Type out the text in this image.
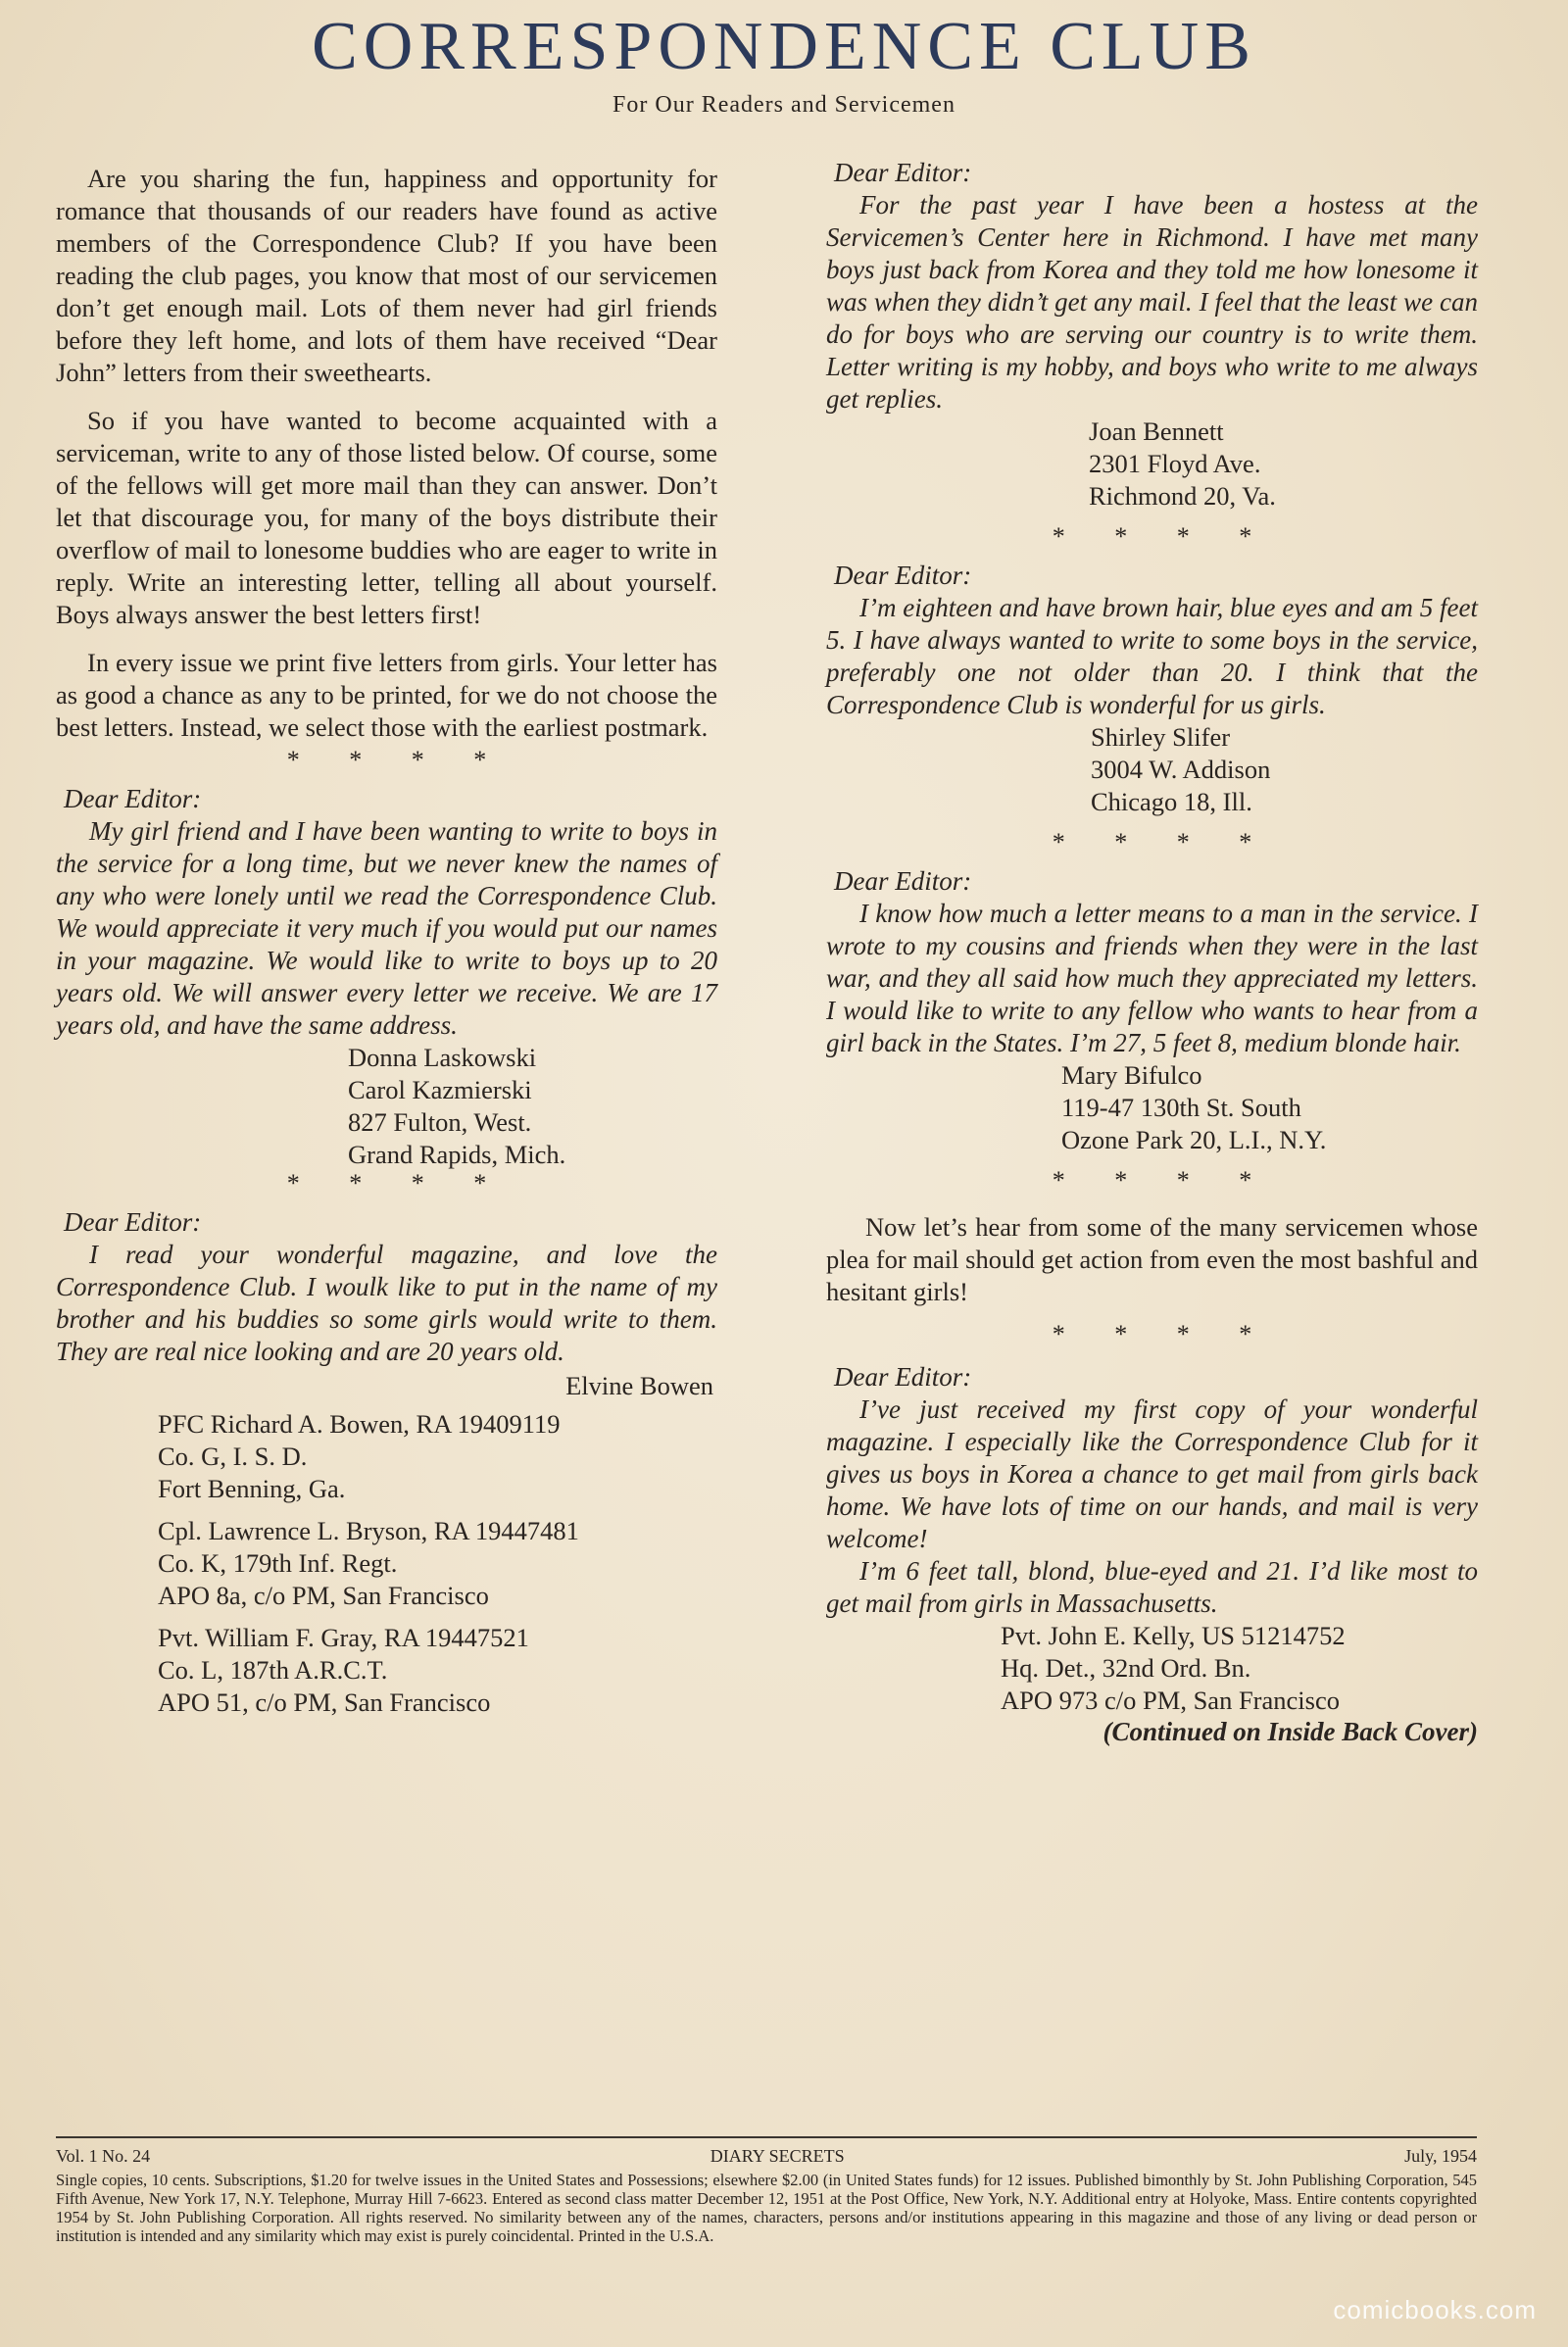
CORRESPONDENCE CLUB
For Our Readers and Servicemen

Are you sharing the fun, happiness and opportunity for romance that thousands of our readers have found as active members of the Correspondence Club? If you have been reading the club pages, you know that most of our servicemen don’t get enough mail. Lots of them never had girl friends before they left home, and lots of them have received “Dear John” letters from their sweethearts.

So if you have wanted to become acquainted with a serviceman, write to any of those listed below. Of course, some of the fellows will get more mail than they can answer. Don’t let that discourage you, for many of the boys distribute their overflow of mail to lonesome buddies who are eager to write in reply. Write an interesting letter, telling all about yourself. Boys always answer the best letters first!

In every issue we print five letters from girls. Your letter has as good a chance as any to be printed, for we do not choose the best letters. Instead, we select those with the earliest postmark.

* * * *

Dear Editor:

My girl friend and I have been wanting to write to boys in the service for a long time, but we never knew the names of any who were lonely until we read the Correspondence Club. We would appreciate it very much if you would put our names in your magazine. We would like to write to boys up to 20 years old. We will answer every letter we receive. We are 17 years old, and have the same address.

Donna Laskowski
Carol Kazmierski
827 Fulton, West.
Grand Rapids, Mich.
* * * *

Dear Editor:

I read your wonderful magazine, and love the Correspondence Club. I woulk like to put in the name of my brother and his buddies so some girls would write to them. They are real nice looking and are 20 years old.

Elvine Bowen

PFC Richard A. Bowen, RA 19409119
Co. G, I. S. D.
Fort Benning, Ga.
Cpl. Lawrence L. Bryson, RA 19447481
Co. K, 179th Inf. Regt.
APO 8a, c/o PM, San Francisco
Pvt. William F. Gray, RA 19447521
Co. L, 187th A.R.C.T.
APO 51, c/o PM, San Francisco

Dear Editor:

For the past year I have been a hostess at the Servicemen’s Center here in Richmond. I have met many boys just back from Korea and they told me how lonesome it was when they didn’t get any mail. I feel that the least we can do for boys who are serving our country is to write them. Letter writing is my hobby, and boys who write to me always get replies.

Joan Bennett
2301 Floyd Ave.
Richmond 20, Va.
* * * *

Dear Editor:

I’m eighteen and have brown hair, blue eyes and am 5 feet 5. I have always wanted to write to some boys in the service, preferably one not older than 20. I think that the Correspondence Club is wonderful for us girls.

Shirley Slifer
3004 W. Addison
Chicago 18, Ill.
* * * *

Dear Editor:

I know how much a letter means to a man in the service. I wrote to my cousins and friends when they were in the last war, and they all said how much they appreciated my letters. I would like to write to any fellow who wants to hear from a girl back in the States. I’m 27, 5 feet 8, medium blonde hair.

Mary Bifulco
119-47 130th St. South
Ozone Park 20, L.I., N.Y.
* * * *

Now let’s hear from some of the many servicemen whose plea for mail should get action from even the most bashful and hesitant girls!

* * * *

Dear Editor:

I’ve just received my first copy of your wonderful magazine. I especially like the Correspondence Club for it gives us boys in Korea a chance to get mail from girls back home. We have lots of time on our hands, and mail is very welcome!

I’m 6 feet tall, blond, blue-eyed and 21. I’d like most to get mail from girls in Massachusetts.

Pvt. John E. Kelly, US 51214752
Hq. Det., 32nd Ord. Bn.
APO 973 c/o PM, San Francisco

(Continued on Inside Back Cover)

Vol. 1 No. 24	DIARY SECRETS	July, 1954
Single copies, 10 cents. Subscriptions, $1.20 for twelve issues in the United States and Possessions; elsewhere $2.00 (in United States funds) for 12 issues. Published bimonthly by St. John Publishing Corporation, 545 Fifth Avenue, New York 17, N.Y. Telephone, Murray Hill 7-6623. Entered as second class matter December 12, 1951 at the Post Office, New York, N.Y. Additional entry at Holyoke, Mass. Entire contents copyrighted 1954 by St. John Publishing Corporation. All rights reserved. No similarity between any of the names, characters, persons and/or institutions appearing in this magazine and those of any living or dead person or institution is intended and any similarity which may exist is purely coincidental. Printed in the U.S.A.
comicbooks.com
